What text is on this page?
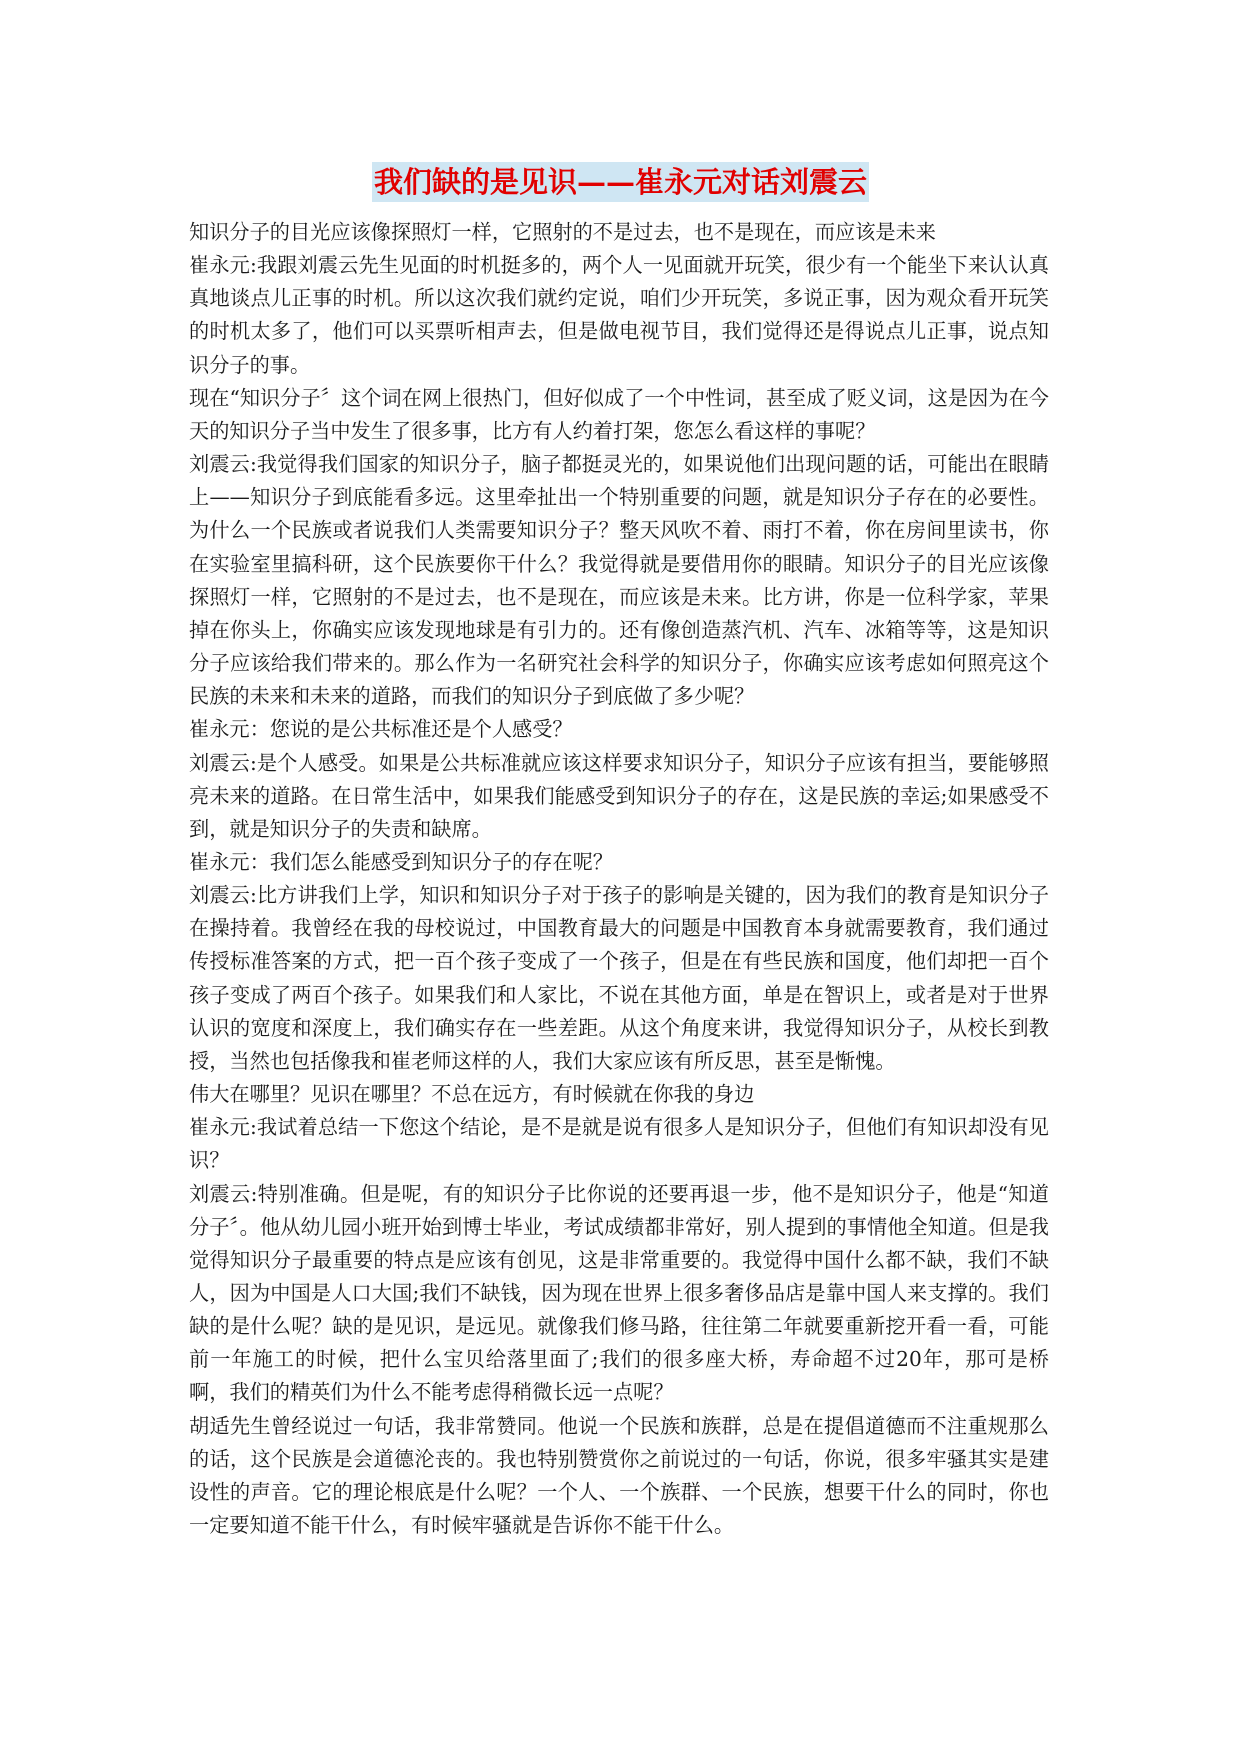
我们缺的是见识——崔永元对话刘震云

知识分子的目光应该像探照灯一样，它照射的不是过去，也不是现在，而应该是未来

崔永元:我跟刘震云先生见面的时机挺多的，两个人一见面就开玩笑，很少有一个能坐下来认认真真地谈点儿正事的时机。所以这次我们就约定说，咱们少开玩笑，多说正事，因为观众看开玩笑的时机太多了，他们可以买票听相声去，但是做电视节目，我们觉得还是得说点儿正事，说点知识分子的事。

现在“知识分子〞这个词在网上很热门，但好似成了一个中性词，甚至成了贬义词，这是因为在今天的知识分子当中发生了很多事，比方有人约着打架，您怎么看这样的事呢？

刘震云:我觉得我们国家的知识分子，脑子都挺灵光的，如果说他们出现问题的话，可能出在眼睛上——知识分子到底能看多远。这里牵扯出一个特别重要的问题，就是知识分子存在的必要性。为什么一个民族或者说我们人类需要知识分子？整天风吹不着、雨打不着，你在房间里读书，你在实验室里搞科研，这个民族要你干什么？我觉得就是要借用你的眼睛。知识分子的目光应该像探照灯一样，它照射的不是过去，也不是现在，而应该是未来。比方讲，你是一位科学家，苹果掉在你头上，你确实应该发现地球是有引力的。还有像创造蒸汽机、汽车、冰箱等等，这是知识分子应该给我们带来的。那么作为一名研究社会科学的知识分子，你确实应该考虑如何照亮这个民族的未来和未来的道路，而我们的知识分子到底做了多少呢？

崔永元：您说的是公共标准还是个人感受？

刘震云:是个人感受。如果是公共标准就应该这样要求知识分子，知识分子应该有担当，要能够照亮未来的道路。在日常生活中，如果我们能感受到知识分子的存在，这是民族的幸运;如果感受不到，就是知识分子的失责和缺席。

崔永元：我们怎么能感受到知识分子的存在呢？

刘震云:比方讲我们上学，知识和知识分子对于孩子的影响是关键的，因为我们的教育是知识分子在操持着。我曾经在我的母校说过，中国教育最大的问题是中国教育本身就需要教育，我们通过传授标准答案的方式，把一百个孩子变成了一个孩子，但是在有些民族和国度，他们却把一百个孩子变成了两百个孩子。如果我们和人家比，不说在其他方面，单是在智识上，或者是对于世界认识的宽度和深度上，我们确实存在一些差距。从这个角度来讲，我觉得知识分子，从校长到教授，当然也包括像我和崔老师这样的人，我们大家应该有所反思，甚至是惭愧。

伟大在哪里？见识在哪里？不总在远方，有时候就在你我的身边

崔永元:我试着总结一下您这个结论，是不是就是说有很多人是知识分子，但他们有知识却没有见识？

刘震云:特别准确。但是呢，有的知识分子比你说的还要再退一步，他不是知识分子，他是“知道分子〞。他从幼儿园小班开始到博士毕业，考试成绩都非常好，别人提到的事情他全知道。但是我觉得知识分子最重要的特点是应该有创见，这是非常重要的。我觉得中国什么都不缺，我们不缺人，因为中国是人口大国;我们不缺钱，因为现在世界上很多奢侈品店是靠中国人来支撑的。我们缺的是什么呢？缺的是见识，是远见。就像我们修马路，往往第二年就要重新挖开看一看，可能前一年施工的时候，把什么宝贝给落里面了;我们的很多座大桥，寿命超不过20年，那可是桥啊，我们的精英们为什么不能考虑得稍微长远一点呢？

胡适先生曾经说过一句话，我非常赞同。他说一个民族和族群，总是在提倡道德而不注重规那么的话，这个民族是会道德沦丧的。我也特别赞赏你之前说过的一句话，你说，很多牢骚其实是建设性的声音。它的理论根底是什么呢？一个人、一个族群、一个民族，想要干什么的同时，你也一定要知道不能干什么，有时候牢骚就是告诉你不能干什么。
